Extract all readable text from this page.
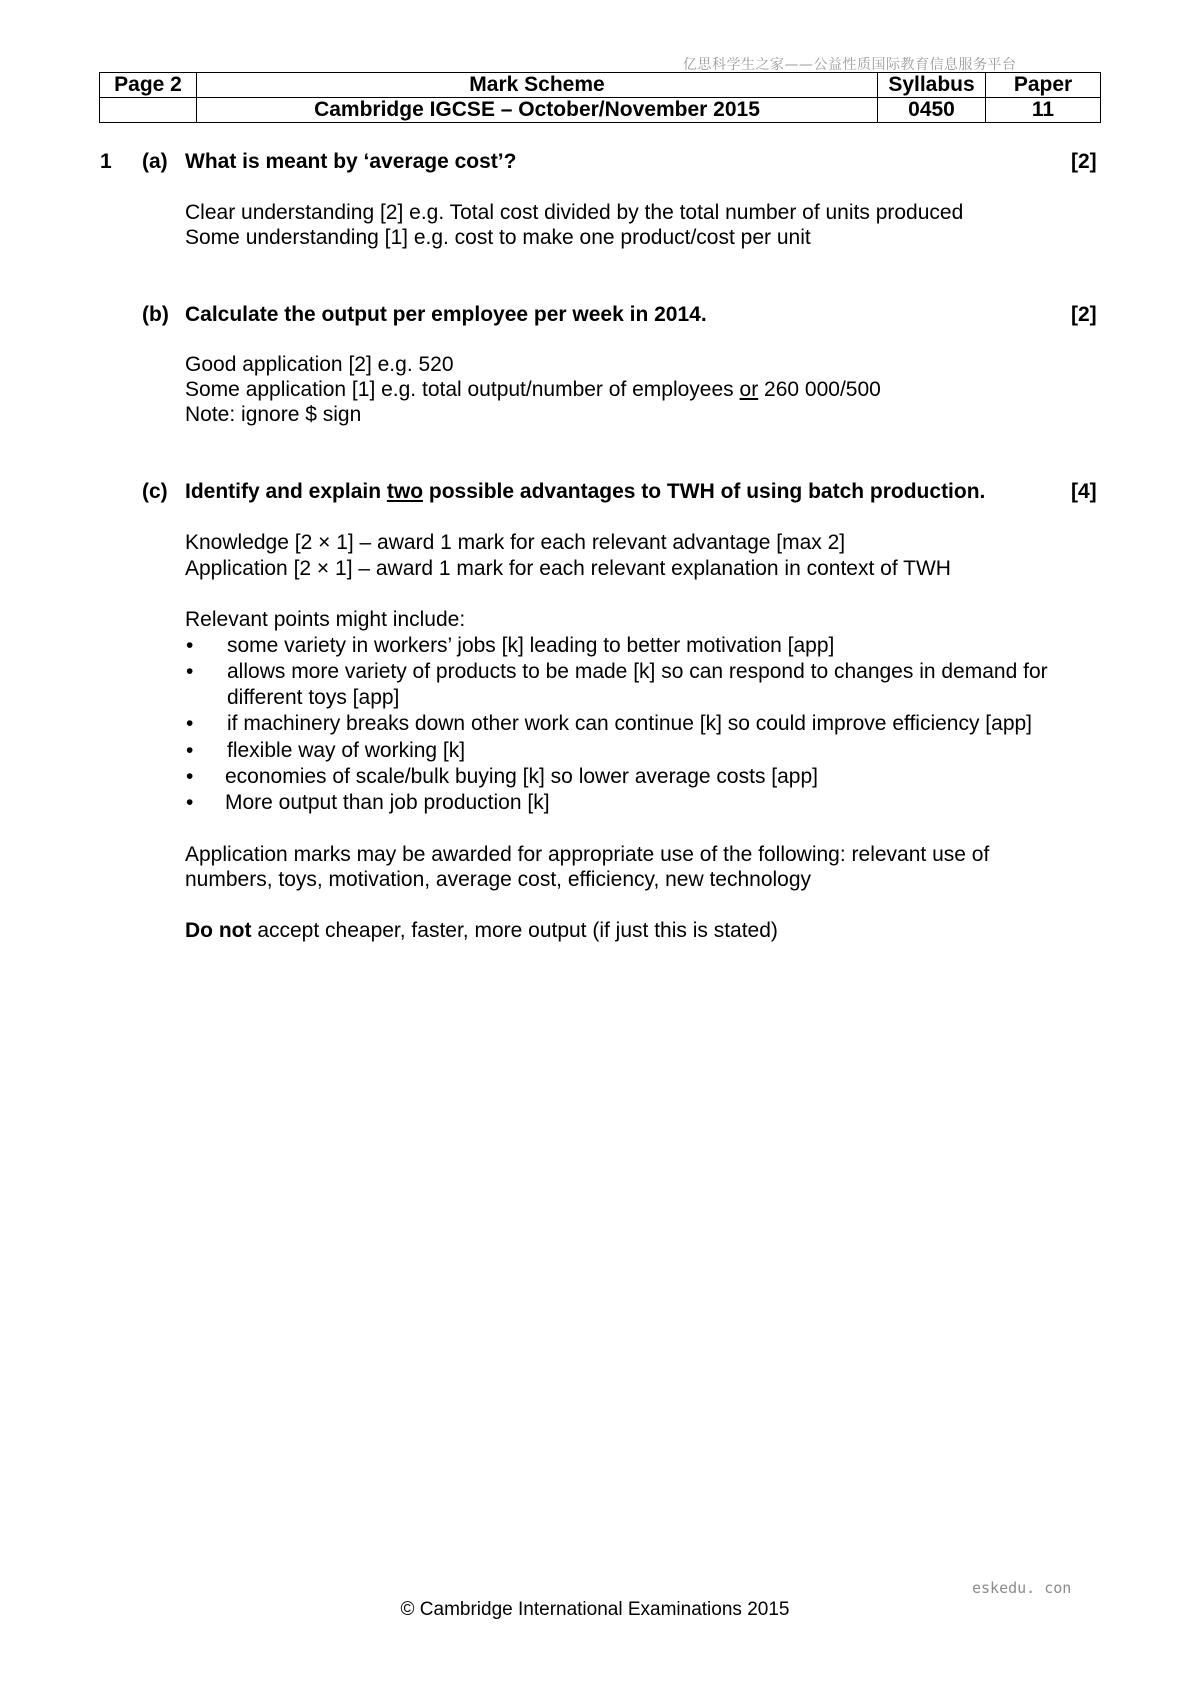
亿思科学生之家——公益性质国际教育信息服务平台
Page 2	Mark Scheme	Syllabus	Paper
	Cambridge IGCSE – October/November 2015	0450	11
1 (a) What is meant by ‘average cost’?	[2]
Clear understanding [2] e.g. Total cost divided by the total number of units produced
Some understanding [1] e.g. cost to make one product/cost per unit
(b) Calculate the output per employee per week in 2014.	[2]
Good application [2] e.g. 520
Some application [1] e.g. total output/number of employees or 260 000/500
Note: ignore $ sign
(c) Identify and explain two possible advantages to TWH of using batch production.	[4]
Knowledge [2 × 1] – award 1 mark for each relevant advantage [max 2]
Application [2 × 1] – award 1 mark for each relevant explanation in context of TWH
Relevant points might include:
• some variety in workers’ jobs [k] leading to better motivation [app]
• allows more variety of products to be made [k] so can respond to changes in demand for
different toys [app]
• if machinery breaks down other work can continue [k] so could improve efficiency [app]
• flexible way of working [k]
• economies of scale/bulk buying [k] so lower average costs [app]
• More output than job production [k]
Application marks may be awarded for appropriate use of the following: relevant use of
numbers, toys, motivation, average cost, efficiency, new technology
Do not accept cheaper, faster, more output (if just this is stated)
eskedu. con
© Cambridge International Examinations 2015
